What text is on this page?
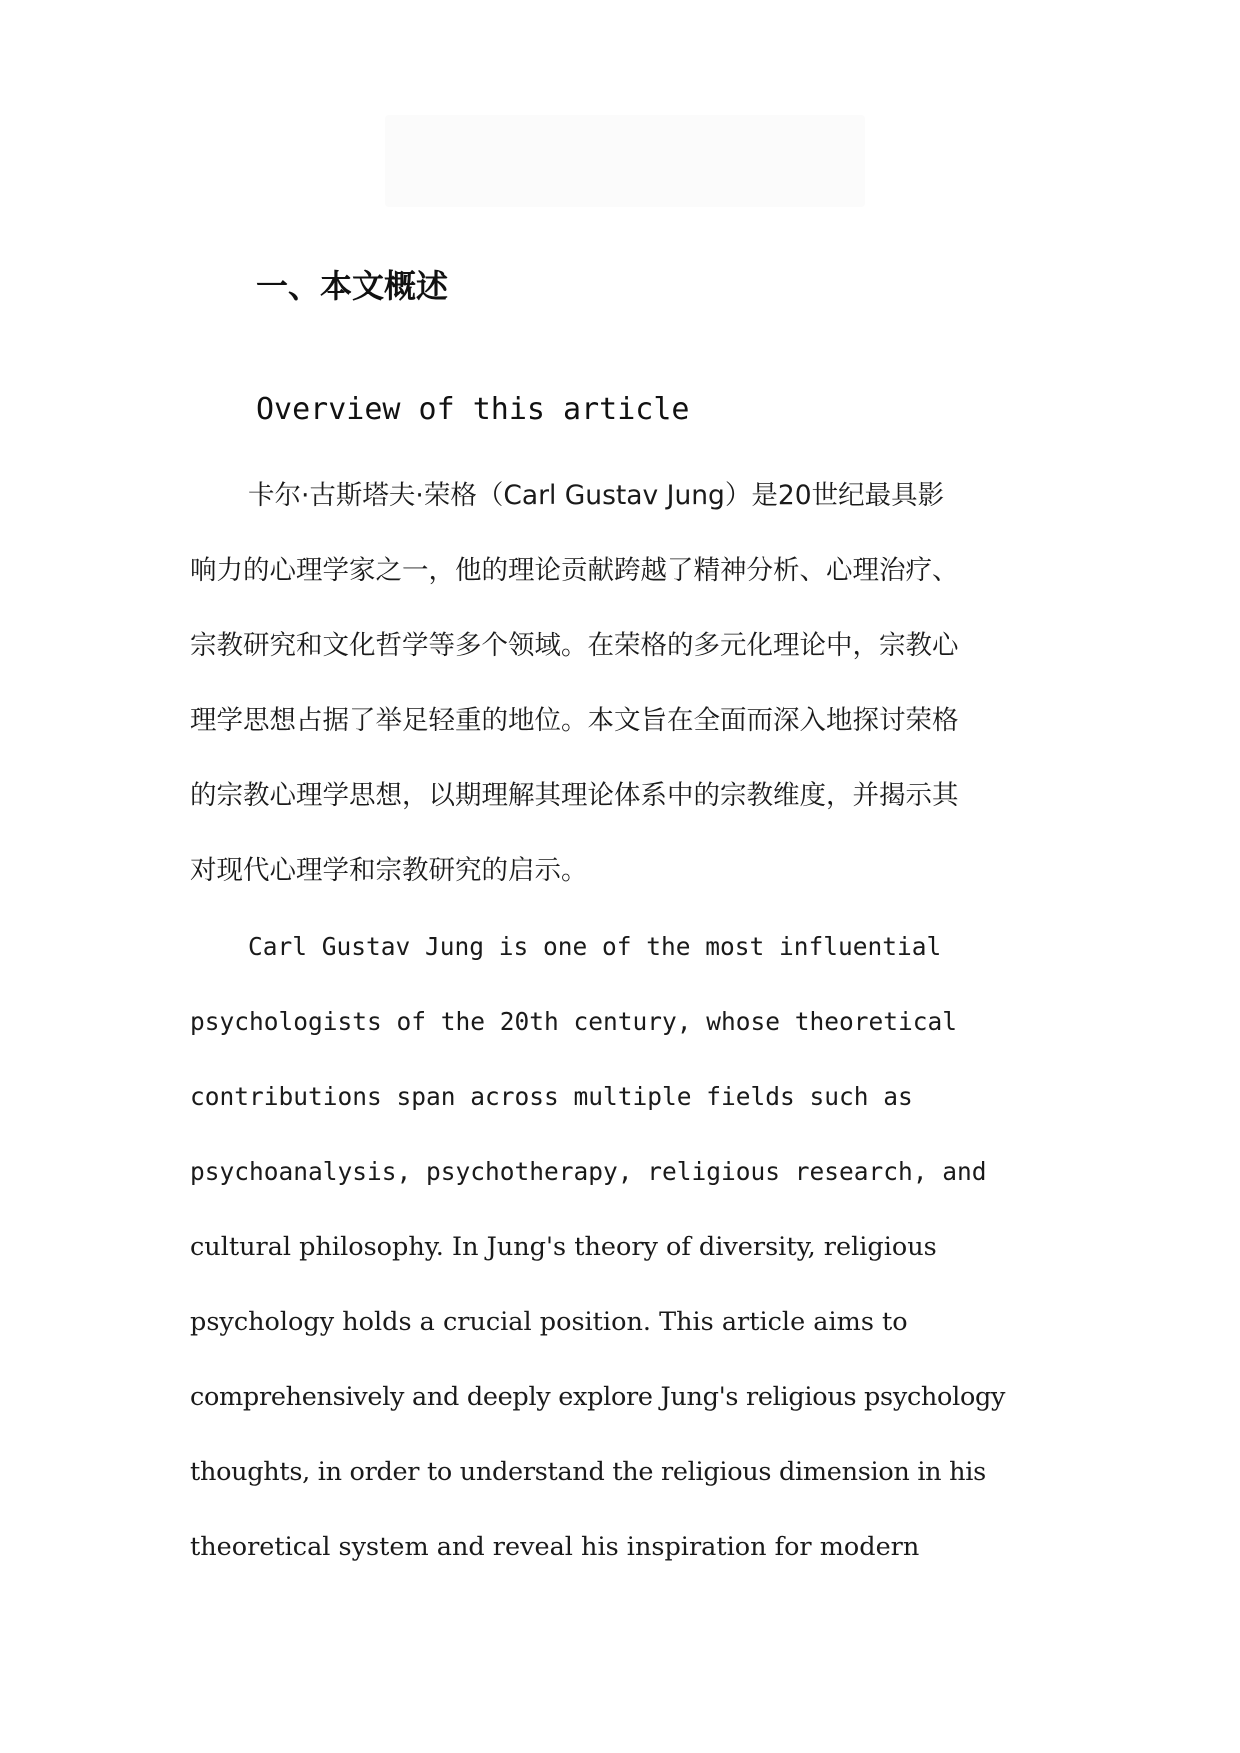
一、本文概述
Overview of this article
卡尔·古斯塔夫·荣格（Carl Gustav Jung）是20世纪最具影
响力的心理学家之一，他的理论贡献跨越了精神分析、心理治疗、
宗教研究和文化哲学等多个领域。在荣格的多元化理论中，宗教心
理学思想占据了举足轻重的地位。本文旨在全面而深入地探讨荣格
的宗教心理学思想，以期理解其理论体系中的宗教维度，并揭示其
对现代心理学和宗教研究的启示。
Carl Gustav Jung is one of the most influential
psychologists of the 20th century, whose theoretical
contributions span across multiple fields such as
psychoanalysis, psychotherapy, religious research, and
cultural philosophy. In Jung's theory of diversity, religious
psychology holds a crucial position. This article aims to
comprehensively and deeply explore Jung's religious psychology
thoughts, in order to understand the religious dimension in his
theoretical system and reveal his inspiration for modern
